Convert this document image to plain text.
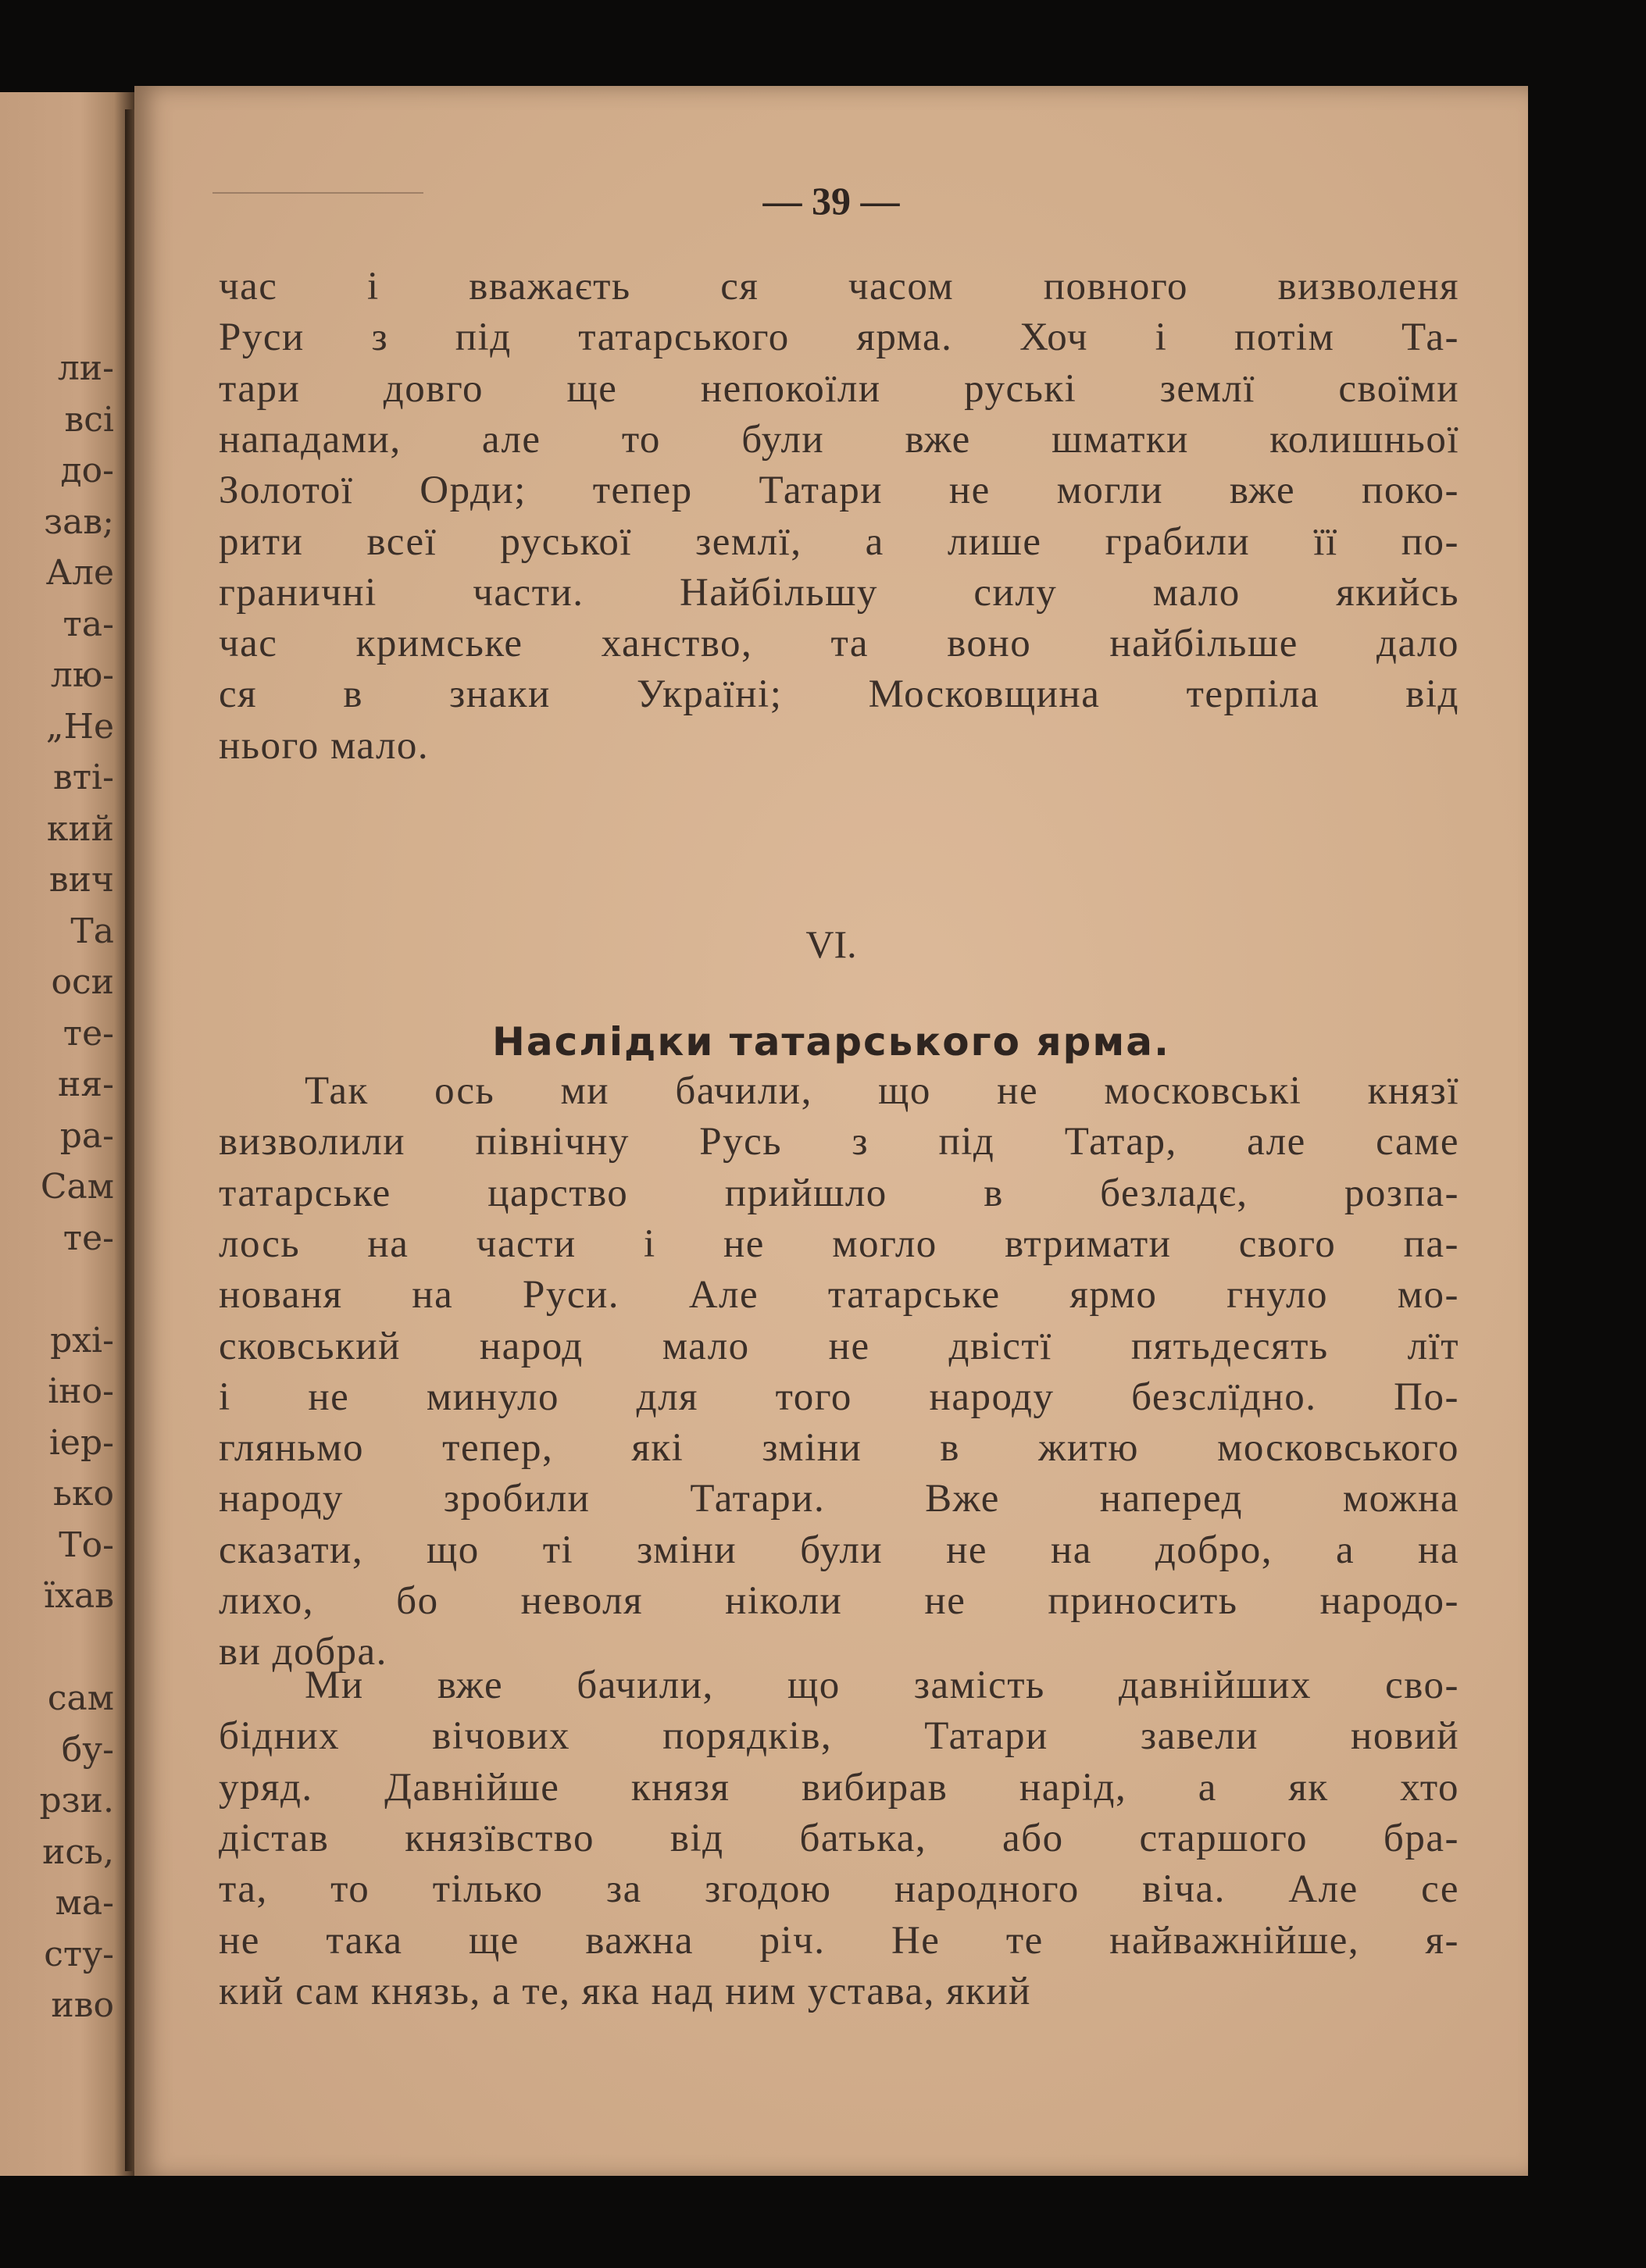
ли-
всі
до-
зав;
Але
та-
лю-
„Не
вті-
кий
вич
Та
оси
те-
ня-
ра-
Сам
те-
рхі-
іно-
іер-
ько
То-
їхав
сам
бу-
рзи.
ись,
ма-
сту-
иво
— 39 —
VI.
Наслідки татарського ярма.
час і вважаєть ся часом повного визволеня
Руси з під татарського ярма. Хоч і потім Та-
тари довго ще непокоїли руські землї своїми
нападами, але то були вже шматки колишньої
Золотої Орди; тепер Татари не могли вже поко-
рити всеї руської землї, а лише грабили її по-
граничні части. Найбільшу силу мало якийсь
час кримське ханство, та воно найбільше дало
ся в знаки Україні; Московщина терпіла від
нього мало.
Так ось ми бачили, що не московські князї
визволили північну Русь з під Татар, але саме
татарське царство прийшло в безладє, розпа-
лось на части і не могло втримати свого па-
нованя на Руси. Але татарське ярмо гнуло мо-
сковський народ мало не двістї пятьдесять лїт
і не минуло для того народу безслїдно. По-
гляньмо тепер, які зміни в житю московського
народу зробили Татари. Вже наперед можна
сказати, що ті зміни були не на добро, а на
лихо, бо неволя ніколи не приносить народо-
ви добра.
Ми вже бачили, що замість давнійших сво-
бідних вічових порядків, Татари завели новий
уряд. Давнійше князя вибирав нарід, а як хто
дістав князївство від батька, або старшого бра-
та, то тілько за згодою народного віча. Але се
не така ще важна річ. Не те найважнійше, я-
кий сам князь, а те, яка над ним устава, який
